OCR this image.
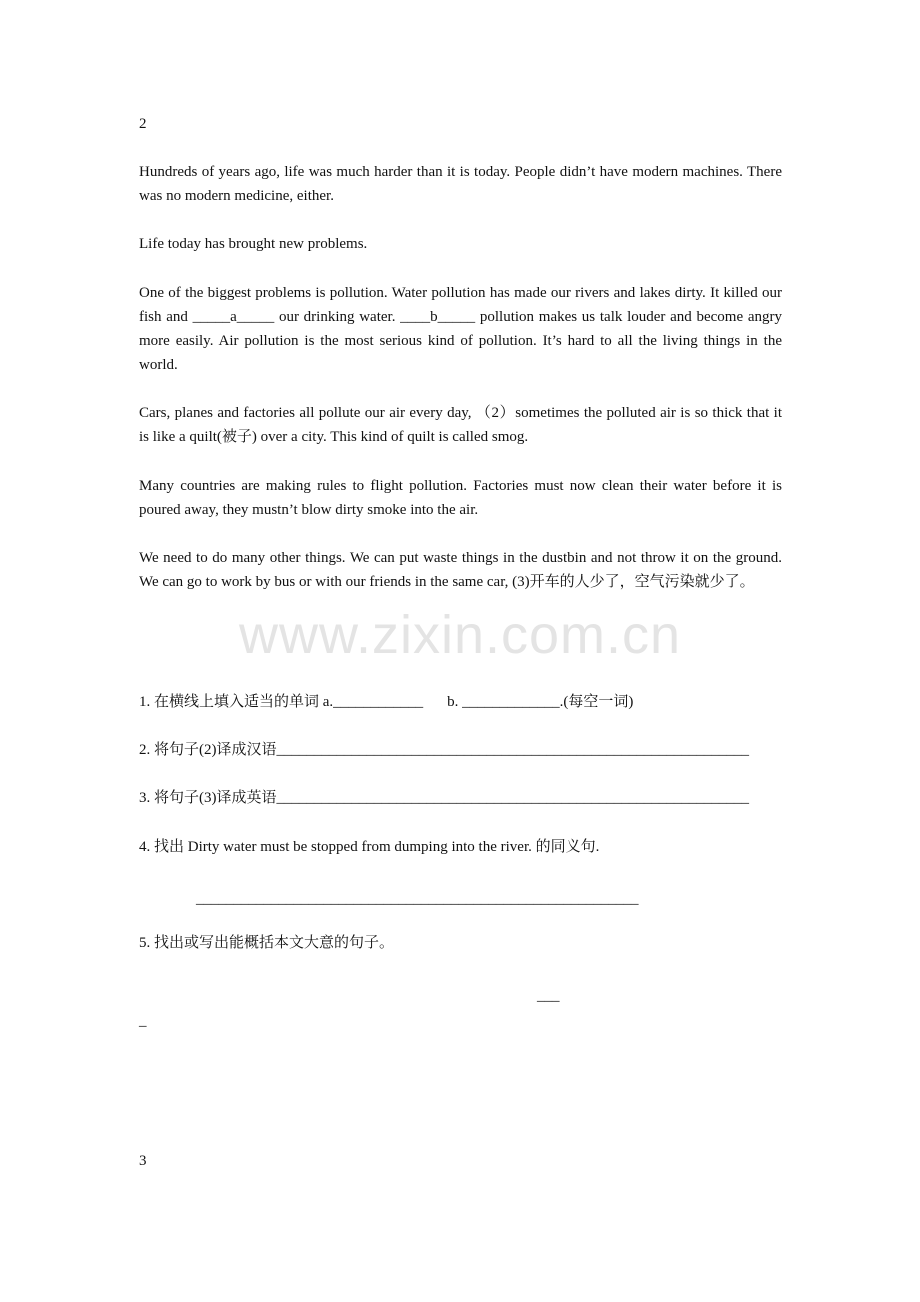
2
Hundreds of years ago, life was much harder than it is today. People didn’t have modern machines. There was no modern medicine, either.
Life today has brought new problems.
One of the biggest problems is pollution. Water pollution has made our rivers and lakes dirty. It killed our fish and _____a_____ our drinking water. ____b_____ pollution makes us talk louder and become angry more easily. Air pollution is the most serious kind of pollution. It’s hard to all the living things in the world.
Cars, planes and factories all pollute our air every day, （2）sometimes the polluted air is so thick that it is like a quilt(被子) over a city. This kind of quilt is called smog.
Many countries are making rules to flight pollution. Factories must now clean their water before it is poured away, they mustn’t blow dirty smoke into the air.
We need to do many other things. We can put waste things in the dustbin and not throw it on the ground. We can go to work by bus or with our friends in the same car, (3)开车的人少了，空气污染就少了。
www.zixin.com.cn
1. 在横线上填入适当的单词 a.____________ b. _____________.(每空一词)
2. 将句子(2)译成汉语_______________________________________________________________
3. 将句子(3)译成英语_______________________________________________________________
4. 找出 Dirty water must be stopped from dumping into the river. 的同义句.
___________________________________________________________
5. 找出或写出能概括本文大意的句子。
___
_
3
